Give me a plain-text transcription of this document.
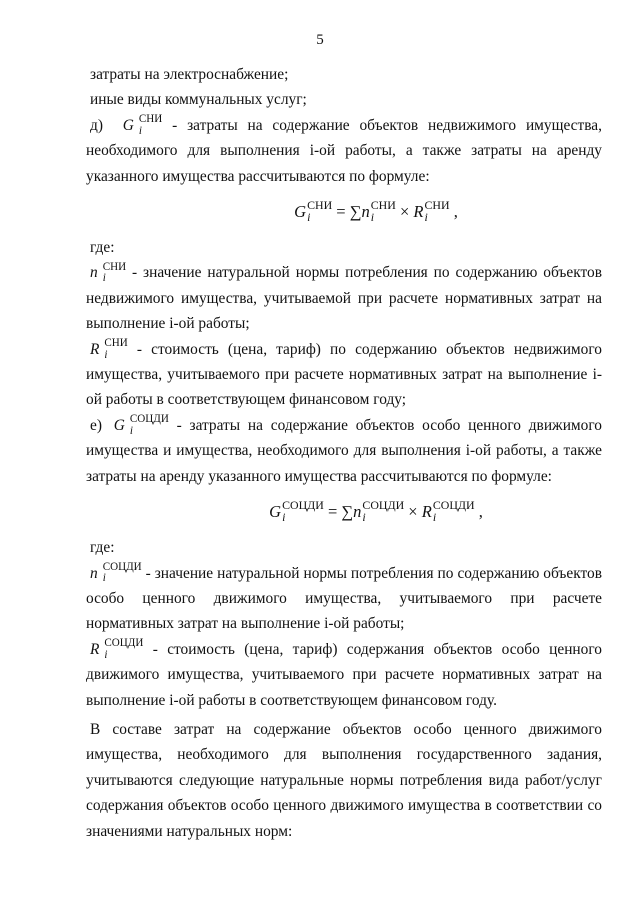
5

затраты на электроснабжение;

иные виды коммунальных услуг;

д) G СНИ
i	- затраты на содержание объектов недвижимого имущества, необходимого для выполнения i-ой работы, а также затраты на аренду указанного имущества рассчитываются по формуле:

G СНИ
i	= ∑n СНИ
i	× R СНИ
i	,

где:

n СНИ
i	- значение натуральной нормы потребления по содержанию объектов недвижимого имущества, учитываемой при расчете нормативных затрат на выполнение i-ой работы;

R СНИ
i	- стоимость (цена, тариф) по содержанию объектов недвижимого имущества, учитываемого при расчете нормативных затрат на выполнение i-ой работы в соответствующем финансовом году;

е) G СОЦДИ
i	- затраты на содержание объектов особо ценного движимого имущества и имущества, необходимого для выполнения i-ой работы, а также затраты на аренду указанного имущества рассчитываются по формуле:

G СОЦДИ
i	= ∑n СОЦДИ
i	× R СОЦДИ
i	,

где:

n СОЦДИ
i	- значение натуральной нормы потребления по содержанию объектов особо ценного движимого имущества, учитываемого при расчете нормативных затрат на выполнение i-ой работы;

R СОЦДИ
i	- стоимость (цена, тариф) содержания объектов особо ценного движимого имущества, учитываемого при расчете нормативных затрат на выполнение i-ой работы в соответствующем финансовом году.

В составе затрат на содержание объектов особо ценного движимого имущества, необходимого для выполнения государственного задания, учитываются следующие натуральные нормы потребления вида работ/услуг содержания объектов особо ценного движимого имущества в соответствии со значениями натуральных норм:
